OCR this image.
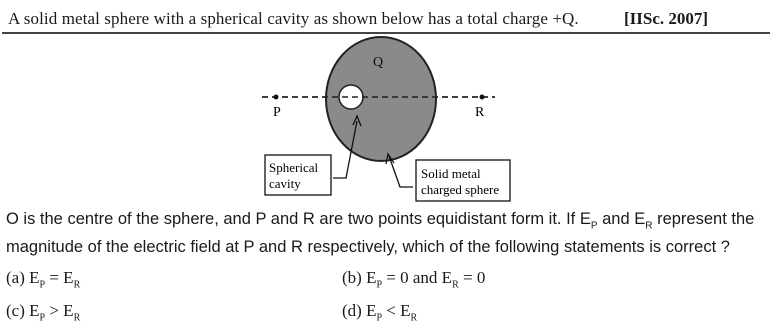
A solid metal sphere with a spherical cavity as shown below has a total charge +Q.	[IISc. 2007]
P	R
Q
Spherical
cavity
Solid metal
charged sphere
O is the centre of the sphere, and P and R are two points equidistant form it. If $E_P$ and $E_R$ represent the
magnitude of the electric field at P and R respectively, which of the following statements is correct ?
(a) $E_P = E_R$	(b) $E_P = 0$ and $E_R = 0$
(c) $E_P > E_R$	(d) $E_P < E_R$
